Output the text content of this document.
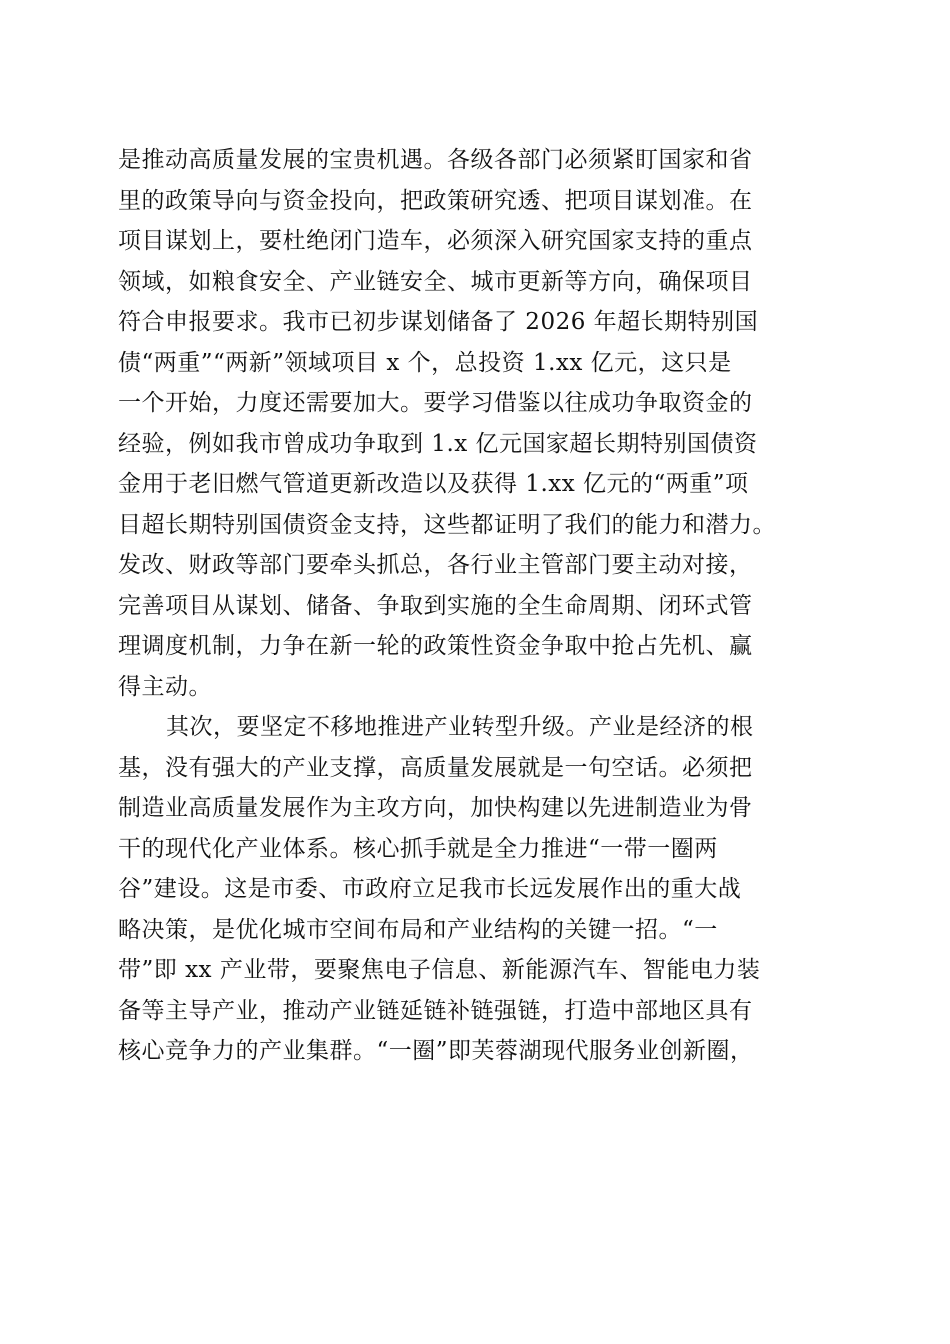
是推动高质量发展的宝贵机遇。各级各部门必须紧盯国家和省
里的政策导向与资金投向，把政策研究透、把项目谋划准。在
项目谋划上，要杜绝闭门造车，必须深入研究国家支持的重点
领域，如粮食安全、产业链安全、城市更新等方向，确保项目
符合申报要求。我市已初步谋划储备了 2026 年超长期特别国
债“两重”“两新”领域项目 x 个，总投资 1.xx 亿元，这只是
一个开始，力度还需要加大。要学习借鉴以往成功争取资金的
经验，例如我市曾成功争取到 1.x 亿元国家超长期特别国债资
金用于老旧燃气管道更新改造以及获得 1.xx 亿元的“两重”项
目超长期特别国债资金支持，这些都证明了我们的能力和潜力。
发改、财政等部门要牵头抓总，各行业主管部门要主动对接，
完善项目从谋划、储备、争取到实施的全生命周期、闭环式管
理调度机制，力争在新一轮的政策性资金争取中抢占先机、赢
得主动。
其次，要坚定不移地推进产业转型升级。产业是经济的根
基，没有强大的产业支撑，高质量发展就是一句空话。必须把
制造业高质量发展作为主攻方向，加快构建以先进制造业为骨
干的现代化产业体系。核心抓手就是全力推进“一带一圈两
谷”建设。这是市委、市政府立足我市长远发展作出的重大战
略决策，是优化城市空间布局和产业结构的关键一招。“一
带”即 xx 产业带，要聚焦电子信息、新能源汽车、智能电力装
备等主导产业，推动产业链延链补链强链，打造中部地区具有
核心竞争力的产业集群。“一圈”即芙蓉湖现代服务业创新圈，
